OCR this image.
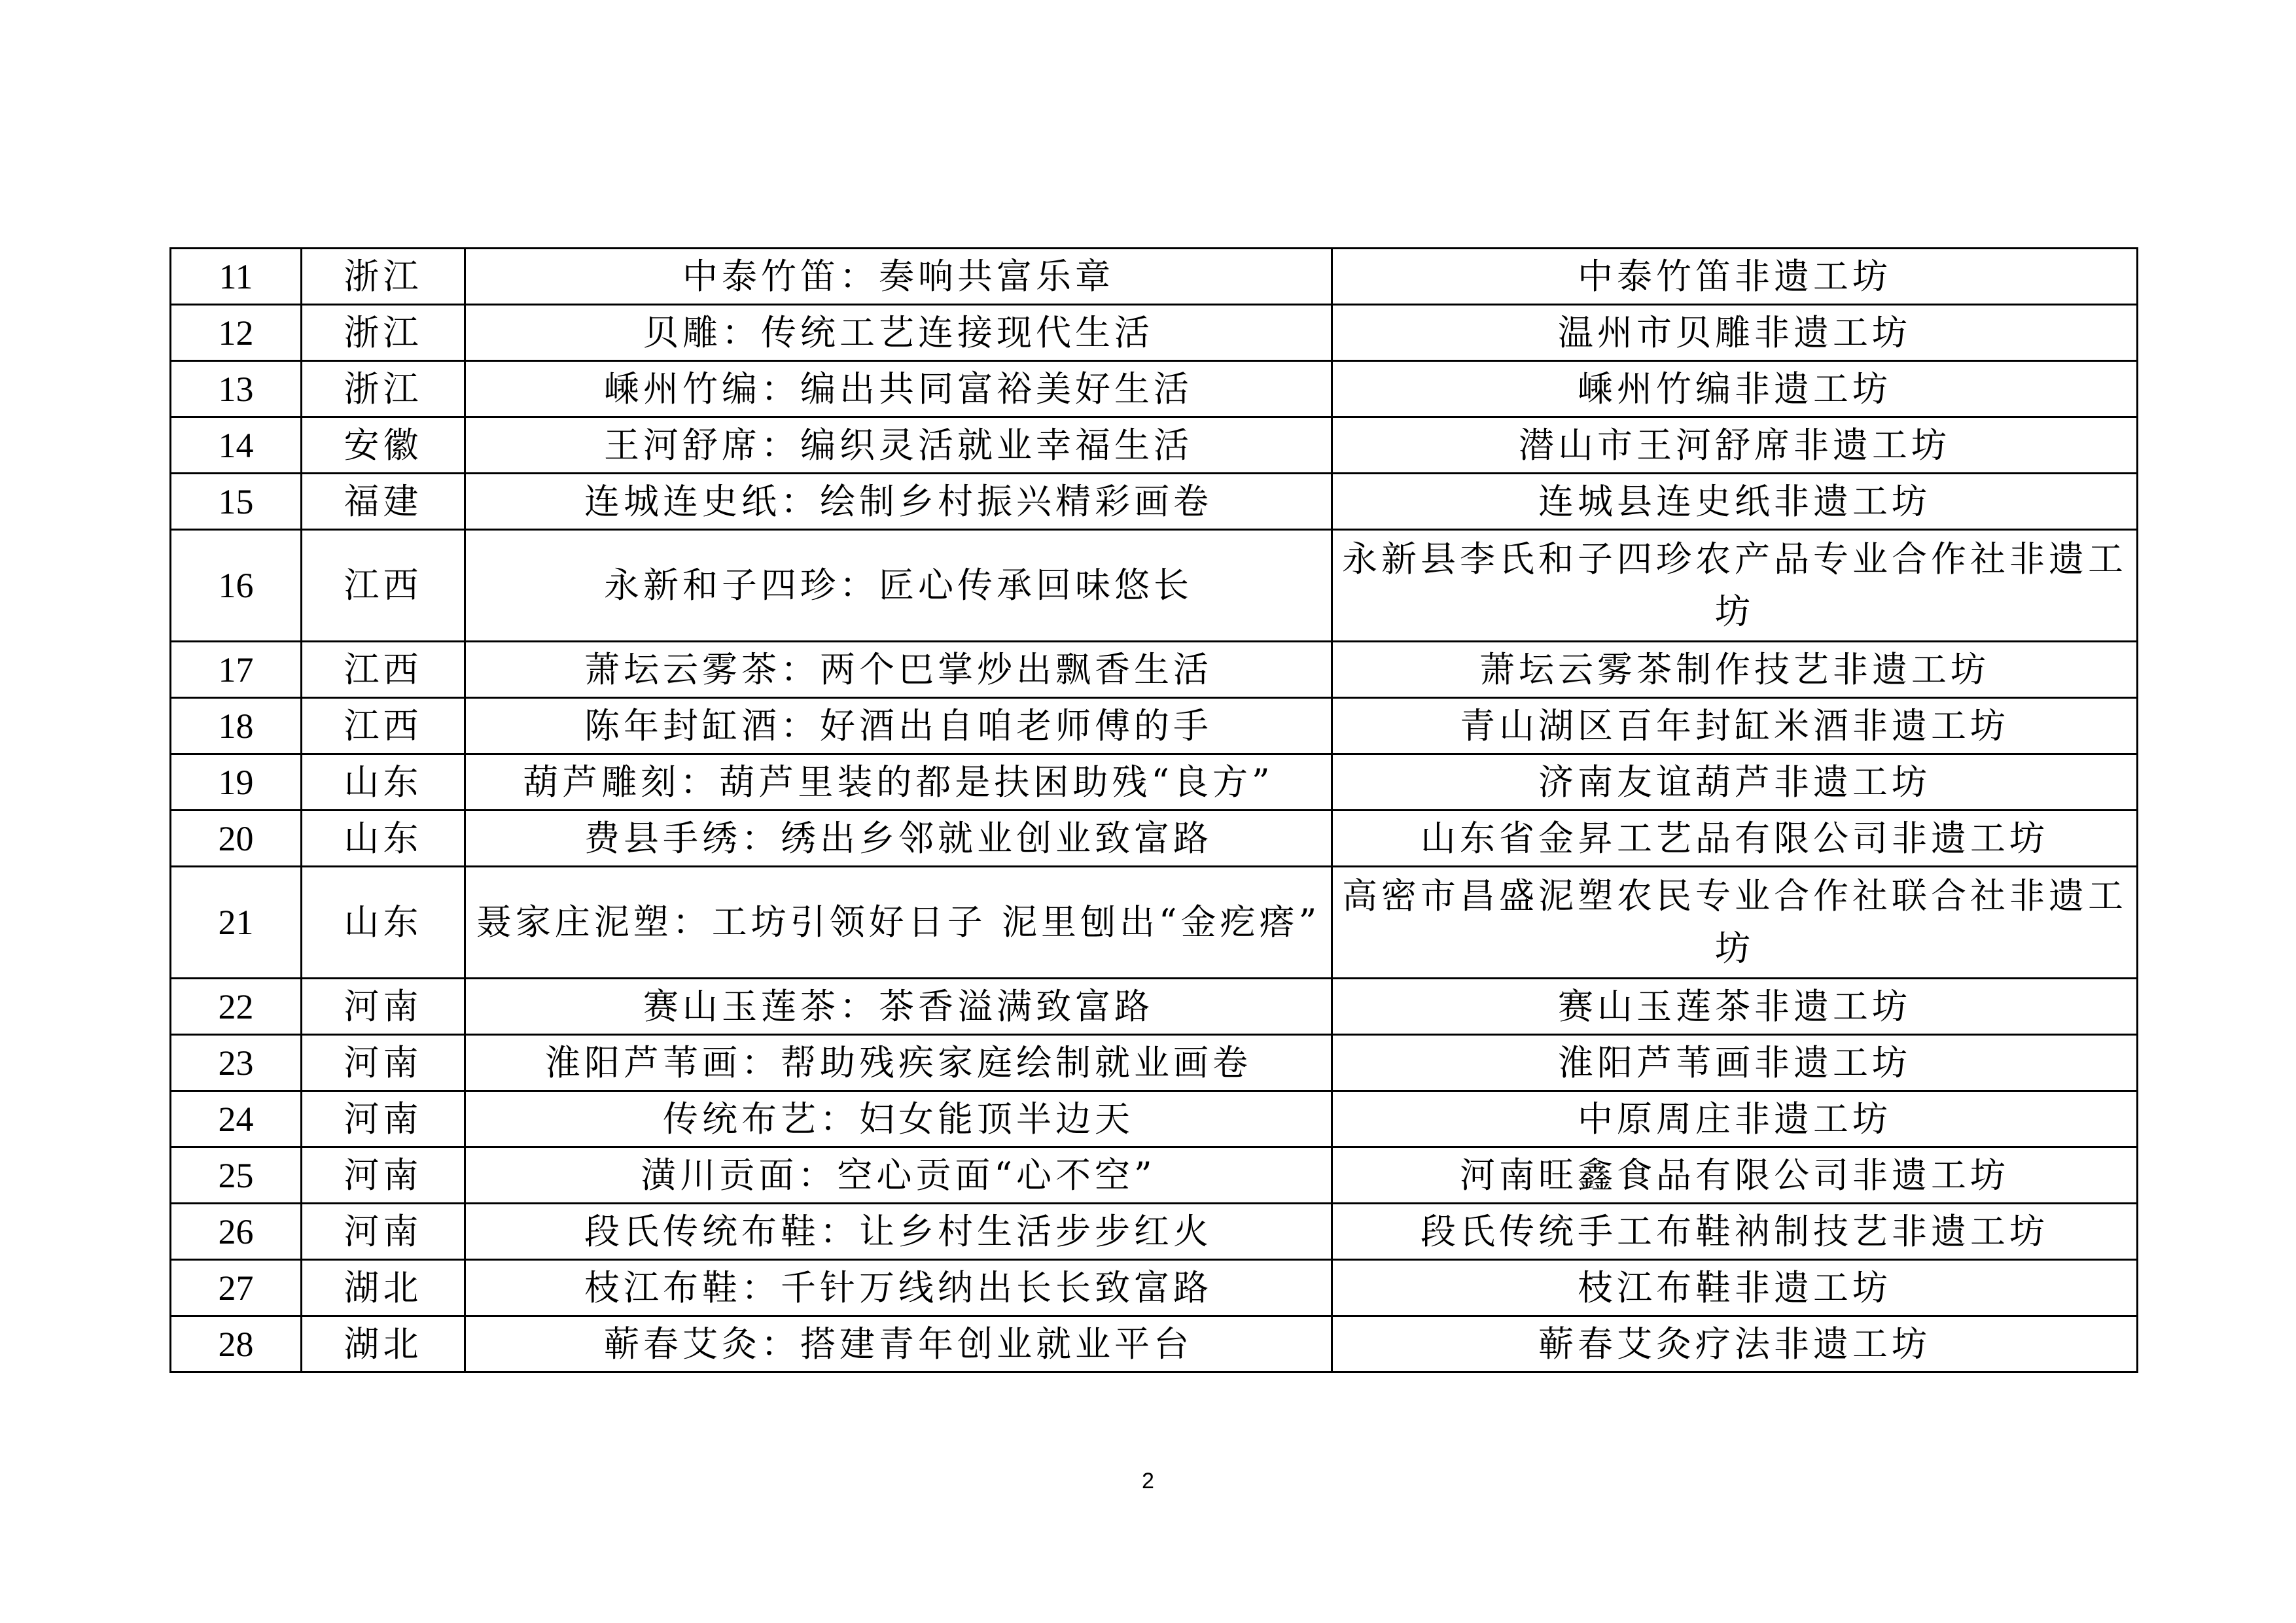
11	浙江	中泰竹笛：奏响共富乐章	中泰竹笛非遗工坊
12	浙江	贝雕：传统工艺连接现代生活	温州市贝雕非遗工坊
13	浙江	嵊州竹编：编出共同富裕美好生活	嵊州竹编非遗工坊
14	安徽	王河舒席：编织灵活就业幸福生活	潜山市王河舒席非遗工坊
15	福建	连城连史纸：绘制乡村振兴精彩画卷	连城县连史纸非遗工坊
16	江西	永新和子四珍：匠心传承回味悠长	永新县李氏和子四珍农产品专业合作社非遗工坊
17	江西	萧坛云雾茶：两个巴掌炒出飘香生活	萧坛云雾茶制作技艺非遗工坊
18	江西	陈年封缸酒：好酒出自咱老师傅的手	青山湖区百年封缸米酒非遗工坊
19	山东	葫芦雕刻：葫芦里装的都是扶困助残“良方”	济南友谊葫芦非遗工坊
20	山东	费县手绣：绣出乡邻就业创业致富路	山东省金昇工艺品有限公司非遗工坊
21	山东	聂家庄泥塑：工坊引领好日子 泥里刨出“金疙瘩”	高密市昌盛泥塑农民专业合作社联合社非遗工坊
22	河南	赛山玉莲茶：茶香溢满致富路	赛山玉莲茶非遗工坊
23	河南	淮阳芦苇画：帮助残疾家庭绘制就业画卷	淮阳芦苇画非遗工坊
24	河南	传统布艺：妇女能顶半边天	中原周庄非遗工坊
25	河南	潢川贡面：空心贡面“心不空”	河南旺鑫食品有限公司非遗工坊
26	河南	段氏传统布鞋：让乡村生活步步红火	段氏传统手工布鞋衲制技艺非遗工坊
27	湖北	枝江布鞋：千针万线纳出长长致富路	枝江布鞋非遗工坊
28	湖北	蕲春艾灸：搭建青年创业就业平台	蕲春艾灸疗法非遗工坊
2
